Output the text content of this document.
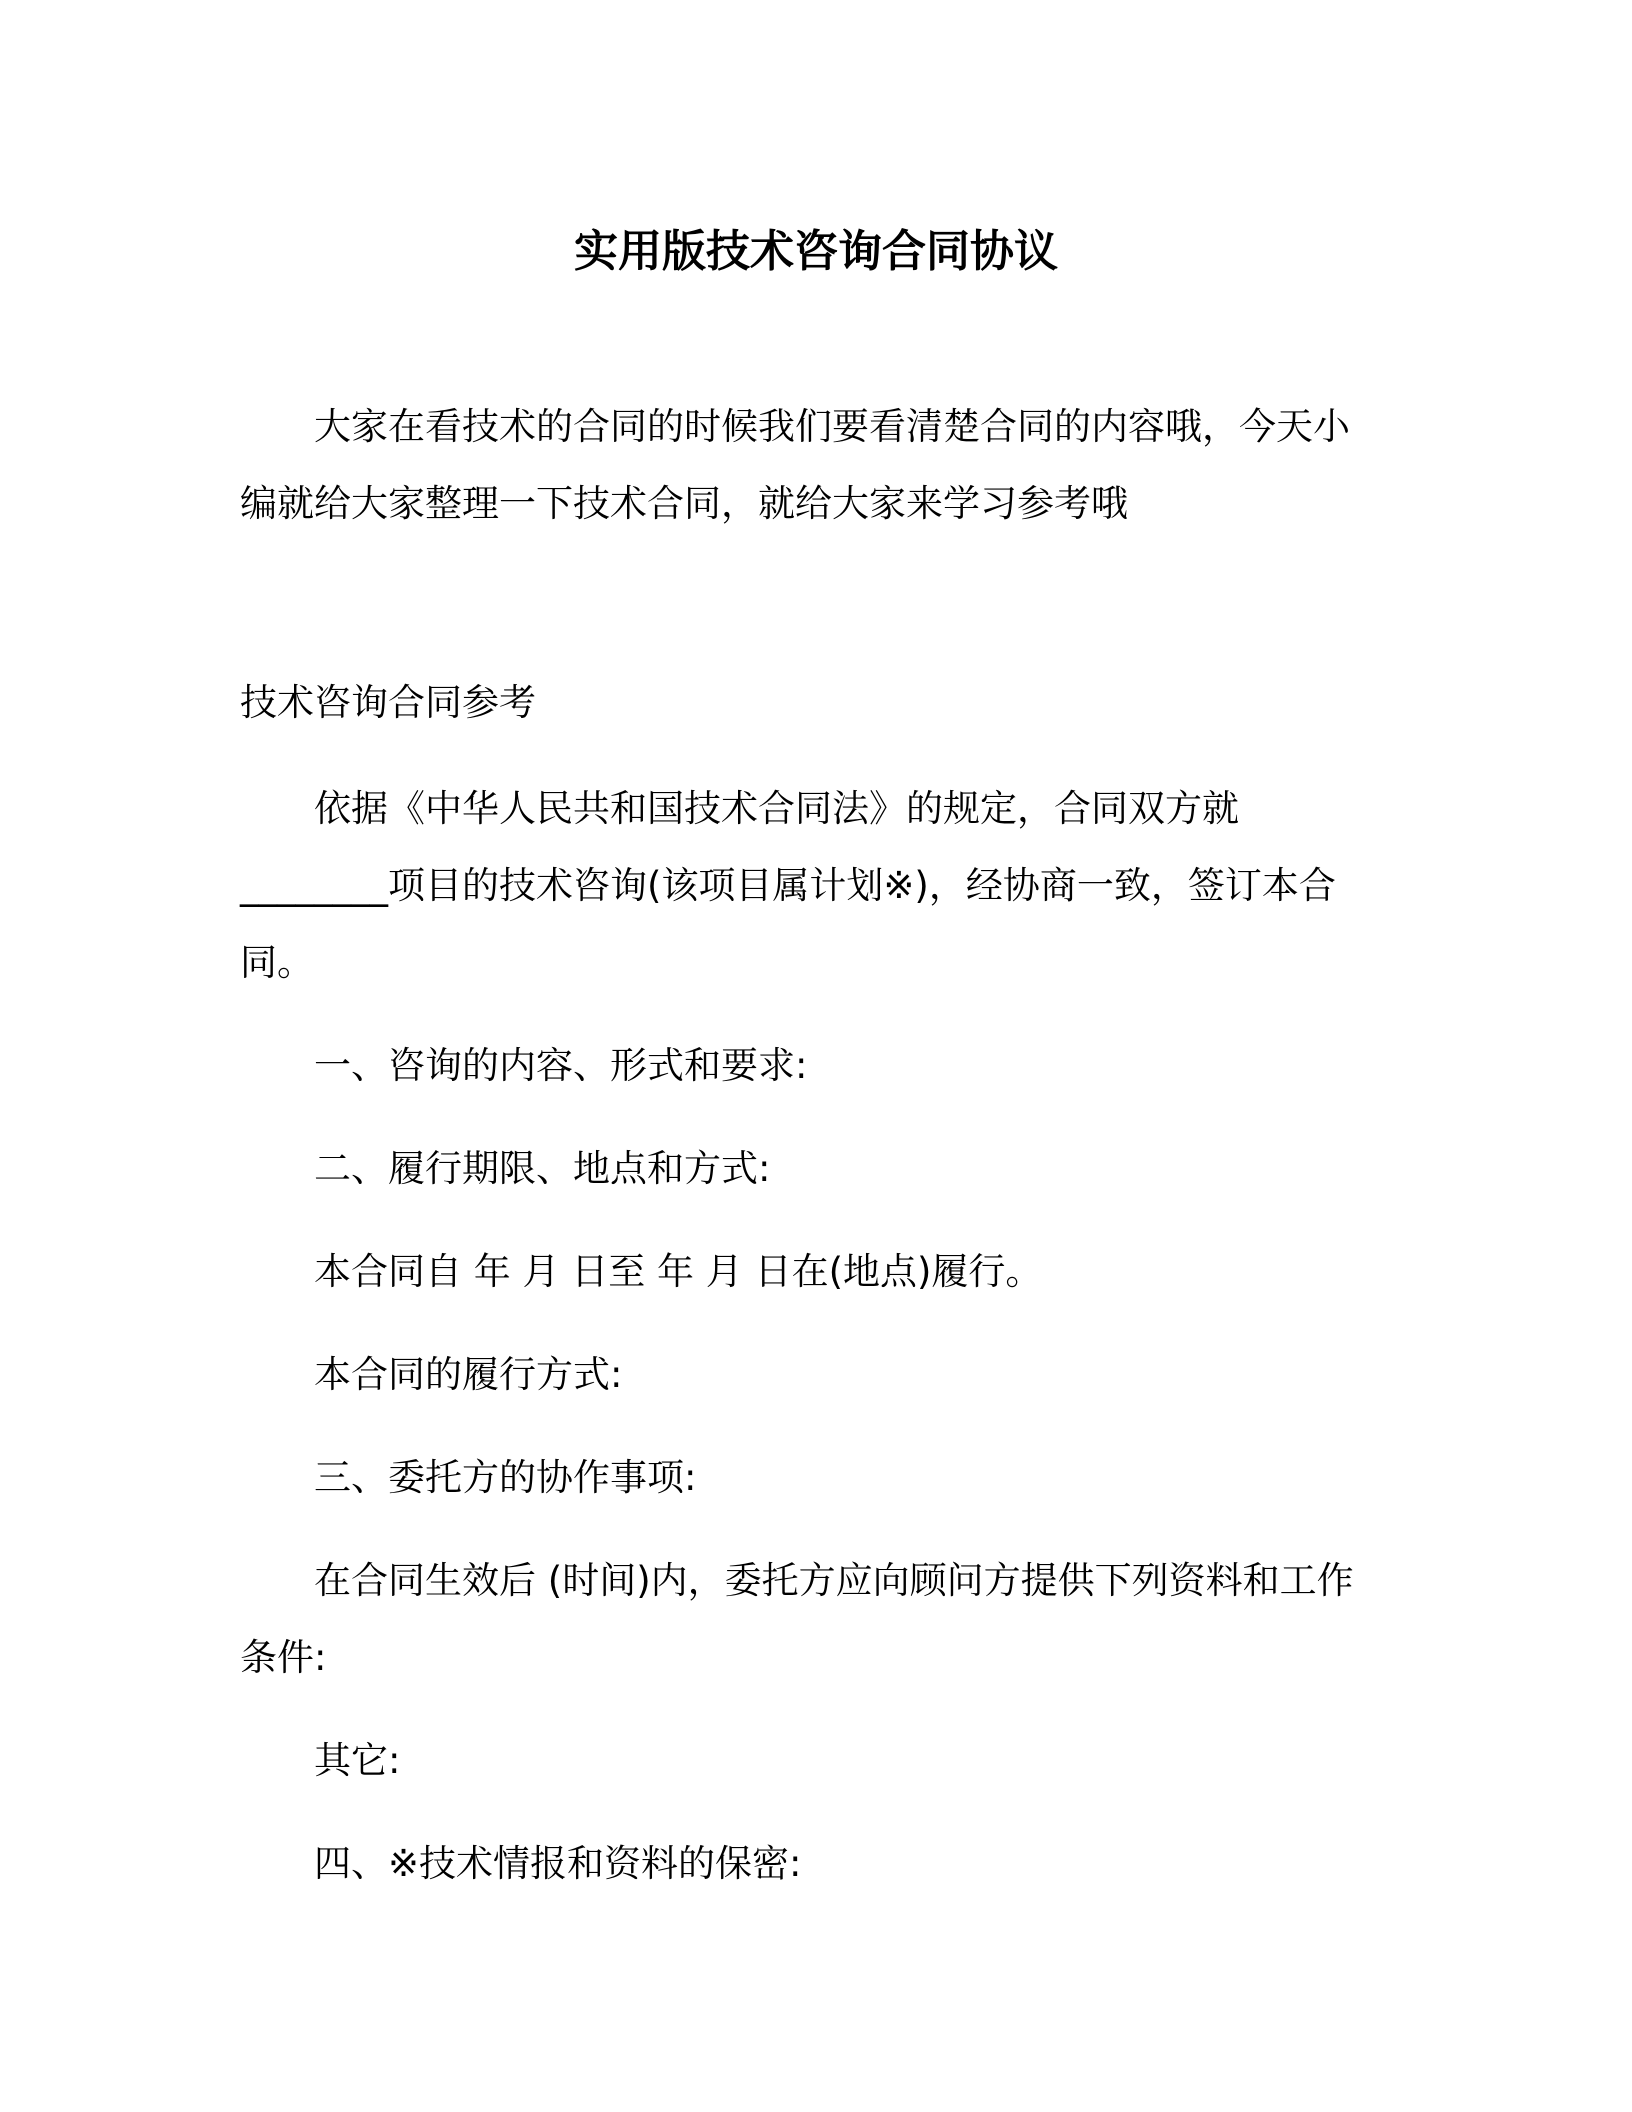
实用版技术咨询合同协议

大家在看技术的合同的时候我们要看清楚合同的内容哦，今天小编就给大家整理一下技术合同，就给大家来学习参考哦

技术咨询合同参考

依据《中华人民共和国技术合同法》的规定，合同双方就________项目的技术咨询(该项目属计划※)，经协商一致，签订本合同。

一、咨询的内容、形式和要求:

二、履行期限、地点和方式:

本合同自 年 月 日至 年 月 日在(地点)履行。

本合同的履行方式:

三、委托方的协作事项:

在合同生效后 (时间)内，委托方应向顾问方提供下列资料和工作条件:

其它:

四、※技术情报和资料的保密:
